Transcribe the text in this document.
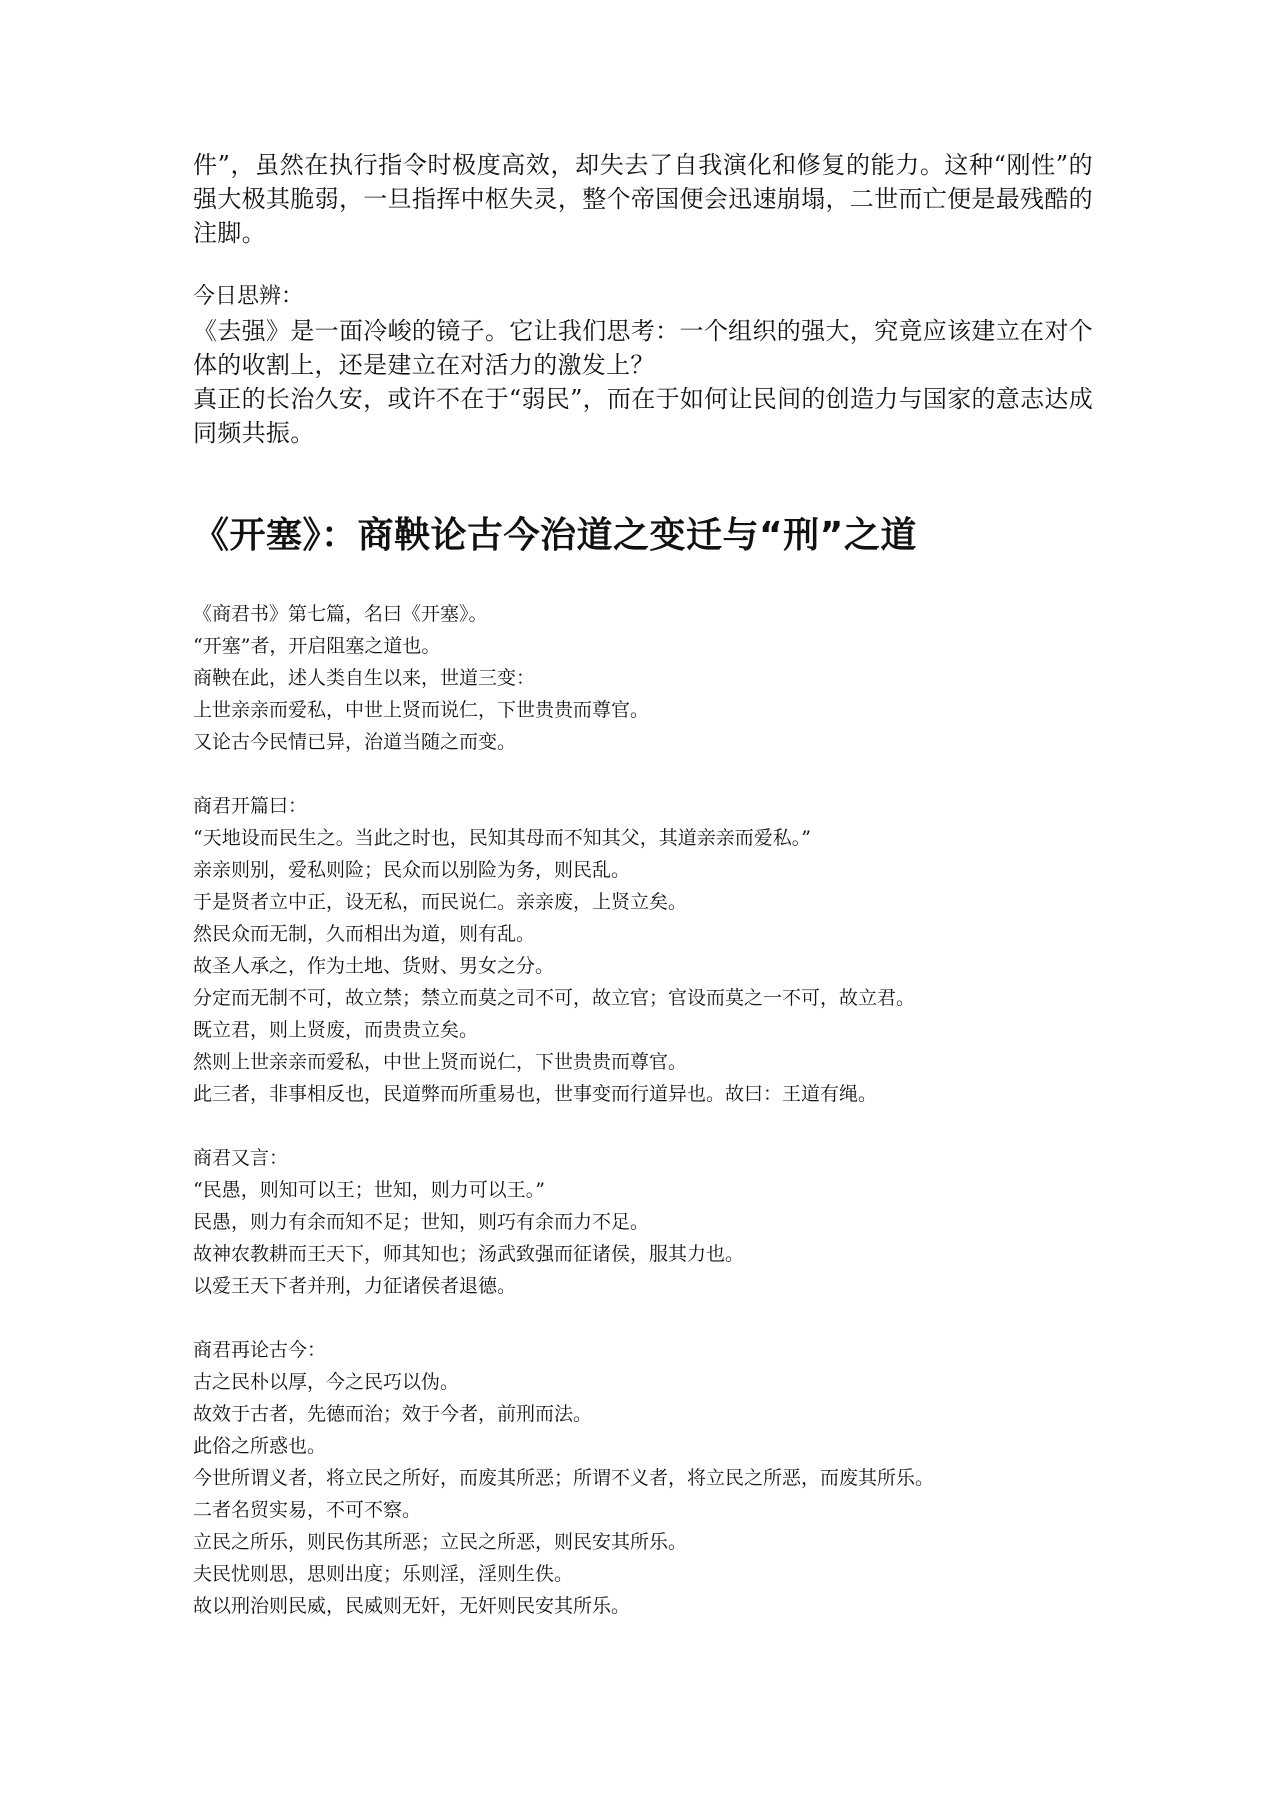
件”，虽然在执行指令时极度高效，却失去了自我演化和修复的能力。这种“刚性”的强大极其脆弱，一旦指挥中枢失灵，整个帝国便会迅速崩塌，二世而亡便是最残酷的注脚。

今日思辨：

《去强》是一面冷峻的镜子。它让我们思考：一个组织的强大，究竟应该建立在对个体的收割上，还是建立在对活力的激发上？

真正的长治久安，或许不在于“弱民”，而在于如何让民间的创造力与国家的意志达成同频共振。

《开塞》：商鞅论古今治道之变迁与“刑”之道

《商君书》第七篇，名曰《开塞》。

“开塞”者，开启阻塞之道也。

商鞅在此，述人类自生以来，世道三变：

上世亲亲而爱私，中世上贤而说仁，下世贵贵而尊官。

又论古今民情已异，治道当随之而变。

商君开篇曰：

“天地设而民生之。当此之时也，民知其母而不知其父，其道亲亲而爱私。”

亲亲则别，爱私则险；民众而以别险为务，则民乱。

于是贤者立中正，设无私，而民说仁。亲亲废，上贤立矣。

然民众而无制，久而相出为道，则有乱。

故圣人承之，作为土地、货财、男女之分。

分定而无制不可，故立禁；禁立而莫之司不可，故立官；官设而莫之一不可，故立君。

既立君，则上贤废，而贵贵立矣。

然则上世亲亲而爱私，中世上贤而说仁，下世贵贵而尊官。

此三者，非事相反也，民道弊而所重易也，世事变而行道异也。故曰：王道有绳。

商君又言：

“民愚，则知可以王；世知，则力可以王。”

民愚，则力有余而知不足；世知，则巧有余而力不足。

故神农教耕而王天下，师其知也；汤武致强而征诸侯，服其力也。

以爱王天下者并刑，力征诸侯者退德。

商君再论古今：

古之民朴以厚，今之民巧以伪。

故效于古者，先德而治；效于今者，前刑而法。

此俗之所惑也。

今世所谓义者，将立民之所好，而废其所恶；所谓不义者，将立民之所恶，而废其所乐。

二者名贸实易，不可不察。

立民之所乐，则民伤其所恶；立民之所恶，则民安其所乐。

夫民忧则思，思则出度；乐则淫，淫则生佚。

故以刑治则民威，民威则无奸，无奸则民安其所乐。
